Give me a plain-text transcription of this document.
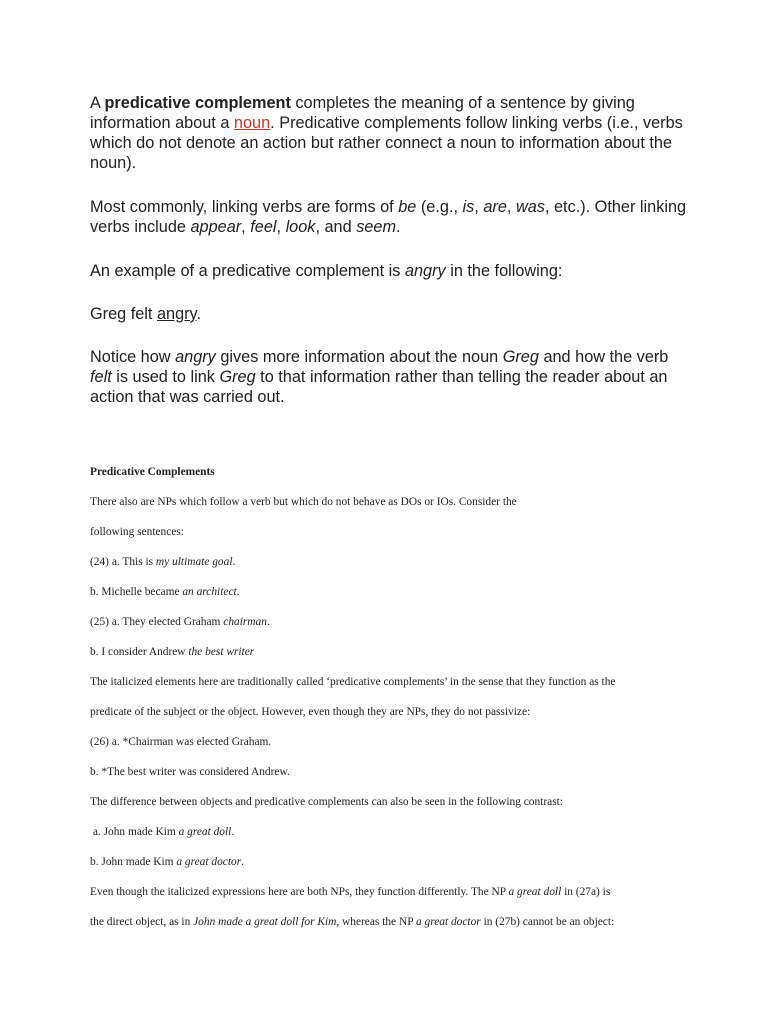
A predicative complement completes the meaning of a sentence by giving information about a noun. Predicative complements follow linking verbs (i.e., verbs which do not denote an action but rather connect a noun to information about the noun).

Most commonly, linking verbs are forms of be (e.g., is, are, was, etc.). Other linking verbs include appear, feel, look, and seem.

An example of a predicative complement is angry in the following:

Greg felt angry.

Notice how angry gives more information about the noun Greg and how the verb felt is used to link Greg to that information rather than telling the reader about an action that was carried out.

Predicative Complements
There also are NPs which follow a verb but which do not behave as DOs or IOs. Consider the
following sentences:
(24) a. This is my ultimate goal.
b. Michelle became an architect.
(25) a. They elected Graham chairman.
b. I consider Andrew the best writer
The italicized elements here are traditionally called ‘predicative complements’ in the sense that they function as the
predicate of the subject or the object. However, even though they are NPs, they do not passivize:
(26) a. *Chairman was elected Graham.
b. *The best writer was considered Andrew.
The difference between objects and predicative complements can also be seen in the following contrast:
a. John made Kim a great doll.
b. John made Kim a great doctor.
Even though the italicized expressions here are both NPs, they function differently. The NP a great doll in (27a) is
the direct object, as in John made a great doll for Kim, whereas the NP a great doctor in (27b) cannot be an object:
